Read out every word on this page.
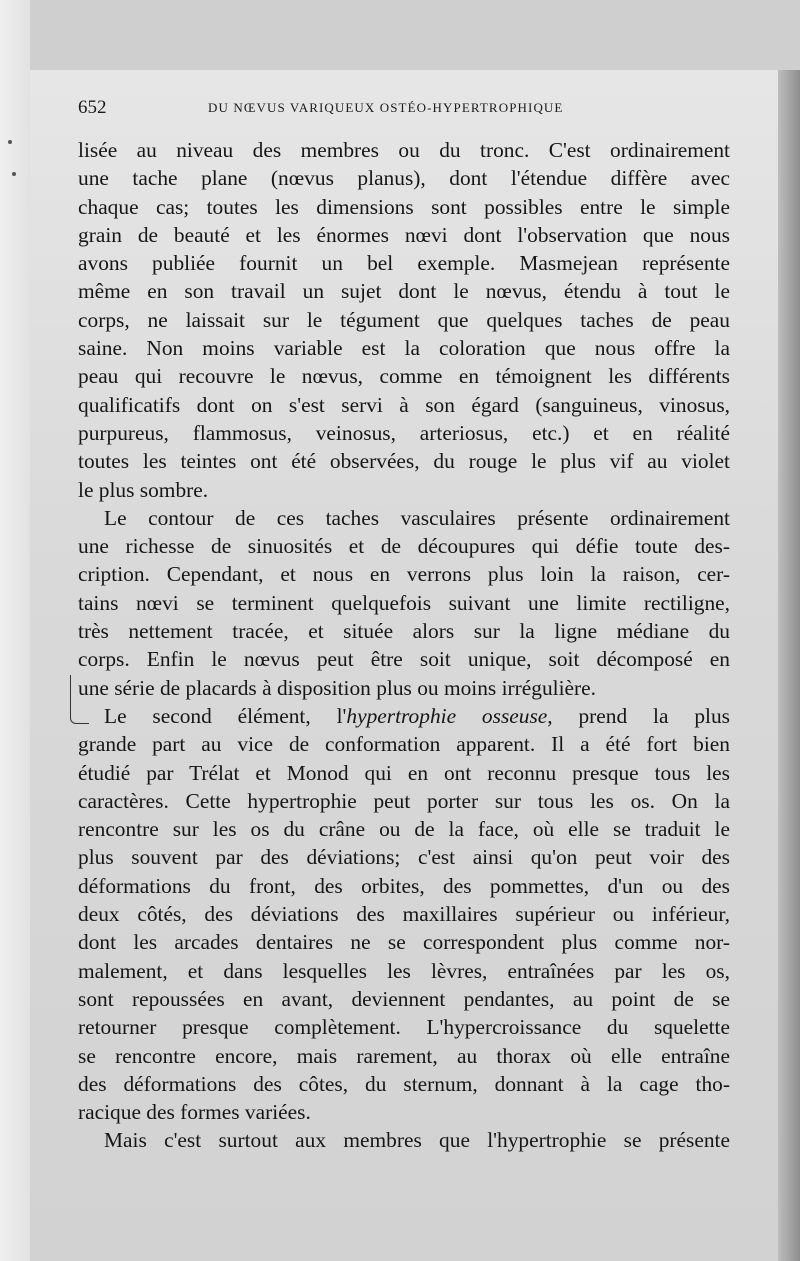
652	DU NŒVUS VARIQUEUX OSTÉO-HYPERTROPHIQUE
lisée au niveau des membres ou du tronc. C'est ordinairement
une tache plane (nœvus planus), dont l'étendue diffère avec
chaque cas; toutes les dimensions sont possibles entre le simple
grain de beauté et les énormes nœvi dont l'observation que nous
avons publiée fournit un bel exemple. Masmejean représente
même en son travail un sujet dont le nœvus, étendu à tout le
corps, ne laissait sur le tégument que quelques taches de peau
saine. Non moins variable est la coloration que nous offre la
peau qui recouvre le nœvus, comme en témoignent les différents
qualificatifs dont on s'est servi à son égard (sanguineus, vinosus,
purpureus, flammosus, veinosus, arteriosus, etc.) et en réalité
toutes les teintes ont été observées, du rouge le plus vif au violet
le plus sombre.
Le contour de ces taches vasculaires présente ordinairement
une richesse de sinuosités et de découpures qui défie toute des-
cription. Cependant, et nous en verrons plus loin la raison, cer-
tains nœvi se terminent quelquefois suivant une limite rectiligne,
très nettement tracée, et située alors sur la ligne médiane du
corps. Enfin le nœvus peut être soit unique, soit décomposé en
une série de placards à disposition plus ou moins irrégulière.
Le second élément, l'hypertrophie osseuse, prend la plus
grande part au vice de conformation apparent. Il a été fort bien
étudié par Trélat et Monod qui en ont reconnu presque tous les
caractères. Cette hypertrophie peut porter sur tous les os. On la
rencontre sur les os du crâne ou de la face, où elle se traduit le
plus souvent par des déviations; c'est ainsi qu'on peut voir des
déformations du front, des orbites, des pommettes, d'un ou des
deux côtés, des déviations des maxillaires supérieur ou inférieur,
dont les arcades dentaires ne se correspondent plus comme nor-
malement, et dans lesquelles les lèvres, entraînées par les os,
sont repoussées en avant, deviennent pendantes, au point de se
retourner presque complètement. L'hypercroissance du squelette
se rencontre encore, mais rarement, au thorax où elle entraîne
des déformations des côtes, du sternum, donnant à la cage tho-
racique des formes variées.
Mais c'est surtout aux membres que l'hypertrophie se présente
